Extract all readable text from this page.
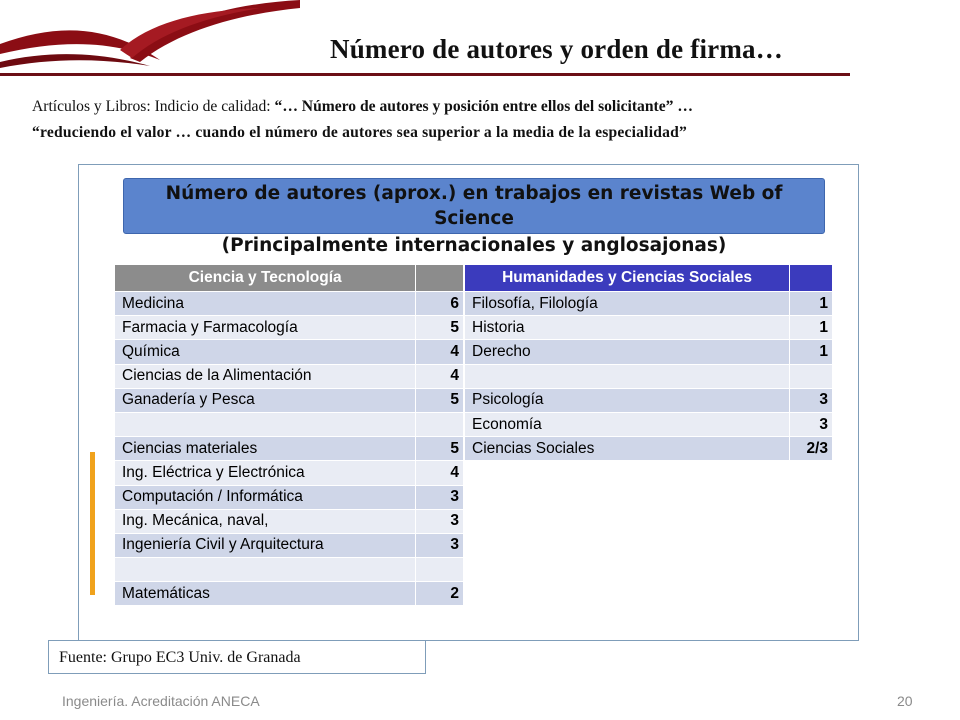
Número de autores y orden de firma…
Artículos y Libros: Indicio de calidad: “… Número de autores y posición entre ellos del solicitante” …
“reduciendo el valor … cuando el número de autores sea superior a la media de la especialidad”
Número de autores (aprox.) en trabajos en revistas Web of Science
(Principalmente internacionales y anglosajonas)
Ciencia y Tecnología	
Medicina	6
Farmacia y Farmacología	5
Química	4
Ciencias de la Alimentación	4
Ganadería y Pesca	5

Ciencias materiales	5
Ing. Eléctrica y Electrónica	4
Computación / Informática	3
Ing. Mecánica, naval,	3
Ingeniería Civil y Arquitectura	3

Matemáticas	2
Humanidades y Ciencias Sociales	
Filosofía, Filología	1
Historia	1
Derecho	1

Psicología	3
Economía	3
Ciencias Sociales	2/3
Fuente: Grupo EC3 Univ. de Granada
Ingeniería. Acreditación ANECA	20
